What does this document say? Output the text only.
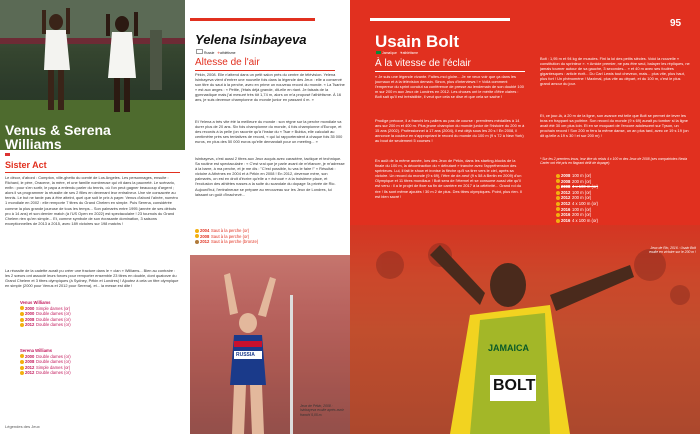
Venus & Serena Williams
États-Unis ●tennis	Double dames à Wimbledon
Sister Act
Le décor, d'abord : Compton, ville-ghetto du comté de Los Angeles. Les personnages, ensuite : Richard, le père, Oracene, la mère, et une famille nombreuse qui vit dans la pauvreté. Le scénario, enfin : pour s'en sortir, le papa a entendu parler du tennis, où l'on peut gagner beaucoup d'argent ; alors il va programmer la réussite de ses 2 filles en devenant leur entraîneur. Une vie consacrée au tennis. Le but ne tarde pas à être atteint, quel que soit le prix à payer. Venus d'abord l'aînée, numéro 1 mondiale en 2002 : elle remporte 7 titres du Grand Chelem en simple. Puis Serena, considérée comme la plus grande joueuse de tous les temps... Son palmarès entre 1995 (année de ses débuts pro à 14 ans) et son dernier match (à l'US Open en 2022) est spectaculaire ! 23 tournois du Grand Chelem rien qu'en simple... Et, comme symbole de son écrasante domination, 3 saisons exceptionnelles de 2013 à 2015, avec 189 victoires sur 198 matchs !
La réussite de la cadette aurait pu créer une fracture dans le « clan » Williams... Bien au contraire : les 2 sœurs ont associé leurs forces pour remporter ensemble 23 titres en double, dont quatorze du Grand Chelem et 3 titres olympiques (à Sydney, Pékin et Londres) ! Ajoutez à cela un titre olympique en simple (2000 pour Venus et 2012 pour Serena), et... la messe est dite !
Venus Williams
2000 Simple dames (or)
2000 Double dames (or)
2008 Double dames (or)
2012 Double dames (or)
Serena Williams
2000 Double dames (or)
2008 Double dames (or)
2012 Simple dames (or)
2012 Double dames (or)
Légendes des Jeux
Yelena Isinbayeva
Russie ✈athlétisme
Altesse de l'air
Pékin, 2008. Elle n'attend dans un petit salon près du centre de télévision. Yelena Isinbayeva vient d'entrer une nouvelle fois dans la légende des Jeux : elle a conservé son titre du saut à la perche, avec en prime un nouveau record du monde. « La Tsarine » est aux anges : « Petite, j'étais déjà grande, dit-elle en riant. Je faisais de la gymnastique mais j'ai mesuré très tôt 1,74 m, alors on m'a proposé l'athlétisme. À 16 ans, je suis devenue championne du monde junior en passant 4 m. »
Et Yelena a très vite été la meilleure du monde : son règne sur la perche mondiale va durer plus de 20 ans. Six fois championne du monde, 4 fois championne d'Europe, et des records à la pelle (on raconte qu'à l'instar du « Tsar » Bubka, elle calculait au centimètre près ses tentatives de record, « qui lui rapporteraient à chaque fois 35 000 euros, en plus des 50 000 euros qu'elle demandait pour un meeting... »
Isinbayeva, c'est aussi 2 titres aux Jeux acquis avec caractère, tactique et technique. Sa routine est spectaculaire : « C'est vrai que je parle avant de m'élancer, je m'adresse à la barre, à ma perche, et je me dis : "C'est possible, tu vas le faire !" » Résultat : victoire à Athènes en 2004 et à Pékin en 2008 ! En 2012, devenue mère, son palmarès, on est en droit d'écrire qu'elle a « échoué » à la troisième place, et l'exclusion des athlètes russes a la suite du scandale du dopage l'a privée de Rio. Aujourd'hui, l'entraîneuse se prépare au renouveau sur les Jeux de Londres, lui laissant un goût d'inachevé...
2004 Saut à la perche (or)
2008 Saut à la perche (or)
2012 Saut à la perche (bronze)
RUSSIA
Jeux de Pékin, 2008 : Isinbayeva exulte après avoir franchi 5,05 m.
JAMAICA
BOLT
Usain Bolt
95
Jamaïque ✈athlétisme
À la vitesse de l'éclair
« Je suis une légende vivante. Faites-moi gloire... Je ne veux voir que ça dans les journaux et à la télévision demain. Sinon, plus d'interviews ! » Voilà comment l'empereur du sprint conclut sa conférence de presse au lendemain de son doublé 100 m sur 200 m aux Jeux de Londres en 2012. Les choses ont le mérite d'être claires : Bolt sait qu'il est irrésistible, il veut que cela se dise et que cela se sache !
Prodige précoce, il a franchi les paliers au pas de course : premières médailles à 14 ans sur 200 m et 400 m. Plus jeune champion du monde junior de l'histoire du 200 m à 15 ans (2002). Professionnel à 17 ans (2004), il est déjà sous les 20 s ! En 2008, il annonce la couleur en s'appropriant le record du monde du 100 m (9 s 72 à New York) au bout de seulement 5 courses !
En août de la même année, lors des Jeux de Pékin, dans les starting-blocks de la finale du 100 m, la décontraction du « débutant » tranche avec l'appréhension des sprinteurs. Lui, il fait le show et ironise la flèche qu'il va tirer vers le ciel, après sa victoire. Un record du monde (9 s 69), l'être de de-neuf (9 s 58 à Berlin en 2009) d'un Olympique et 11 titres mondiaux ! Bolt sera de l'éternel et se consume aussi vite qu'il est venu : il a le projet de fixer sa fin de carrière en 2017 à la célébrité... Grand roi du rire ! Ils sont même ajoutés ! 30 m 2 de plus. Des titres olympiques. Point, plus rien. Il est bien sacré !
Bolt : 1,95 m et 94 kg de muscles. Fini la loi des petits siècles. Voici la nouvelle « constitution du sprinteur ». « Amicie premier, ne pas être seul, balayer les répliques, ne jamais tourner autour de sa gauche, 3 secondes... » et 40 m avec ses foulées gigantesques : article écrit... Du Carl Lewis tout cheveux, mais... plus vite, plus haut, plus fort ! Un phénomène ! Maximal, plus vite au départ, et du 100 m, c'est le plus grand amour du jour.
Et, ce jour-là, à 20 m de la ligne, son avance est telle que Bolt se permet de lever les bras en frappant sa poitrine. Son record du monde (9 s 69) aurait pu tomber si la ligne avait été 30 cm plus loin. Et en se moquant de l'encore adolescent sur Tyson, un prochain record ! Son 200 m fera la même danse, un an plus tard, avec ce 19 s 19 (on dit qu'elle a 19 s 30 ! et sur 200 m) !
* Sur les 2 premiers trous, leur titre du relais 4 x 100 m des Jeux de 2008 (ses compatriotes Nesta Carter ont été pris en flagrant délit de dopage).
2008 100 m (or)
2008 200 m (or)
2008 4 x 100 m (or)
2012 100 m (or)
2012 200 m (or)
2012 4 x 100 m (or)
2016 100 m (or)
2016 200 m (or)
2016 4 x 100 m (or)
Jeux de Rio, 2016 : Usain Bolt exulte en victoire sur le 200 m !
